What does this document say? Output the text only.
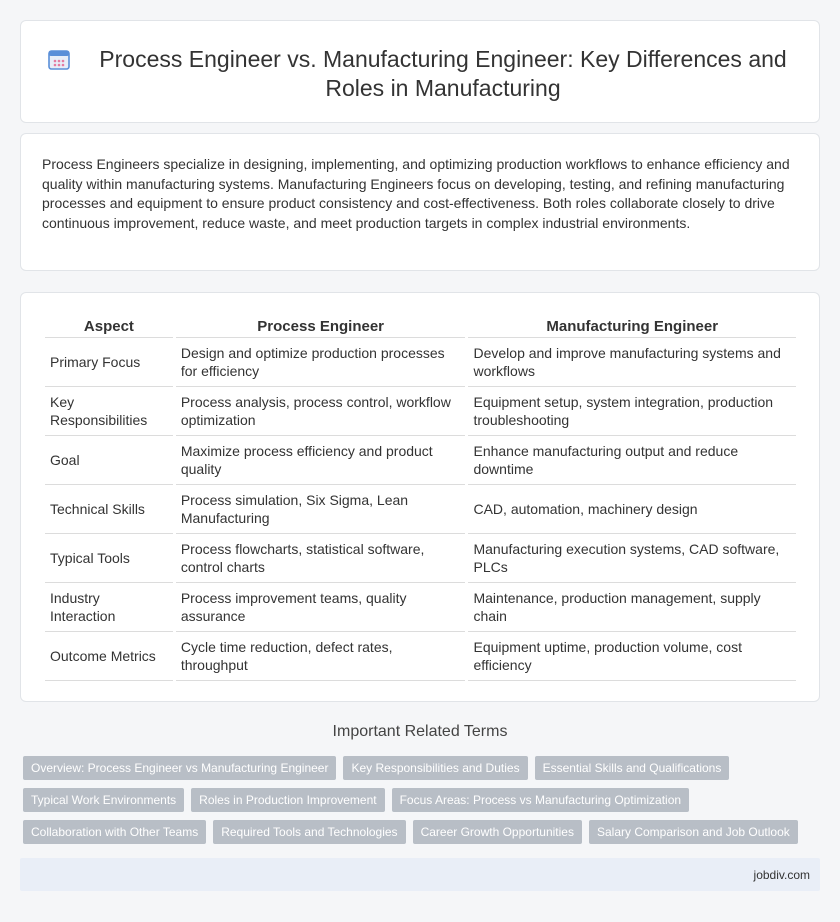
Process Engineer vs. Manufacturing Engineer: Key Differences and Roles in Manufacturing

Process Engineers specialize in designing, implementing, and optimizing production workflows to enhance efficiency and quality within manufacturing systems. Manufacturing Engineers focus on developing, testing, and refining manufacturing processes and equipment to ensure product consistency and cost-effectiveness. Both roles collaborate closely to drive continuous improvement, reduce waste, and meet production targets in complex industrial environments.

Aspect	Process Engineer	Manufacturing Engineer
Primary Focus	Design and optimize production processes for efficiency	Develop and improve manufacturing systems and workflows
Key Responsibilities	Process analysis, process control, workflow optimization	Equipment setup, system integration, production troubleshooting
Goal	Maximize process efficiency and product quality	Enhance manufacturing output and reduce downtime
Technical Skills	Process simulation, Six Sigma, Lean Manufacturing	CAD, automation, machinery design
Typical Tools	Process flowcharts, statistical software, control charts	Manufacturing execution systems, CAD software, PLCs
Industry Interaction	Process improvement teams, quality assurance	Maintenance, production management, supply chain
Outcome Metrics	Cycle time reduction, defect rates, throughput	Equipment uptime, production volume, cost efficiency
Important Related Terms
Overview: Process Engineer vs Manufacturing Engineer	Key Responsibilities and Duties	Essential Skills and Qualifications
Typical Work Environments	Roles in Production Improvement	Focus Areas: Process vs Manufacturing Optimization
Collaboration with Other Teams	Required Tools and Technologies	Career Growth Opportunities	Salary Comparison and Job Outlook
jobdiv.com
